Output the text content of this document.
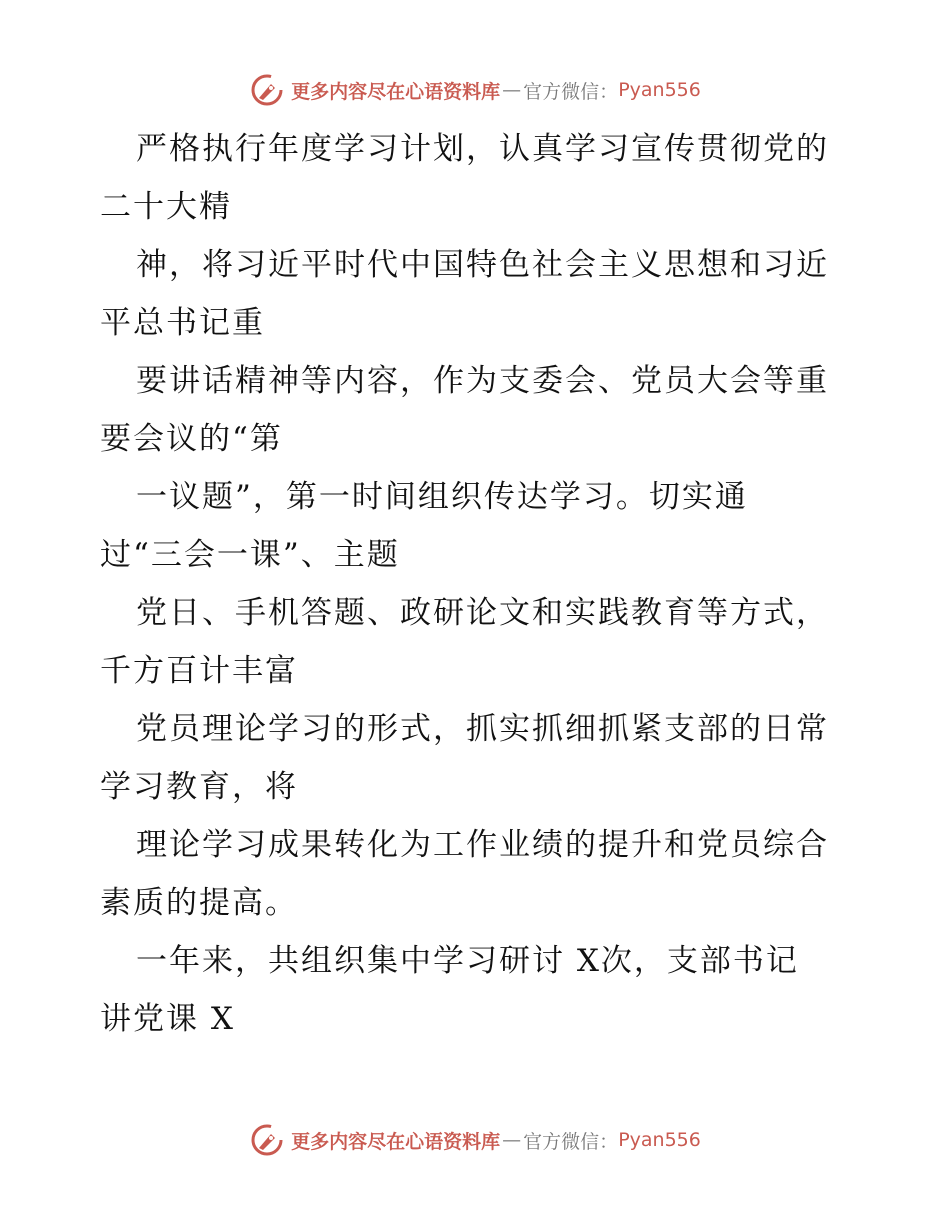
更多内容尽在心语资料库 — 官方微信： Pyan556
严格执行年度学习计划，认真学习宣传贯彻党的
二十大精
神，将习近平时代中国特色社会主义思想和习近
平总书记重
要讲话精神等内容，作为支委会、党员大会等重
要会议的“第
一议题”，第一时间组织传达学习。切实通
过“三会一课”、主题
党日、手机答题、政研论文和实践教育等方式，
千方百计丰富
党员理论学习的形式，抓实抓细抓紧支部的日常
学习教育，将
理论学习成果转化为工作业绩的提升和党员综合
素质的提高。
一年来，共组织集中学习研讨 X次，支部书记
讲党课 X
更多内容尽在心语资料库 — 官方微信： Pyan556
